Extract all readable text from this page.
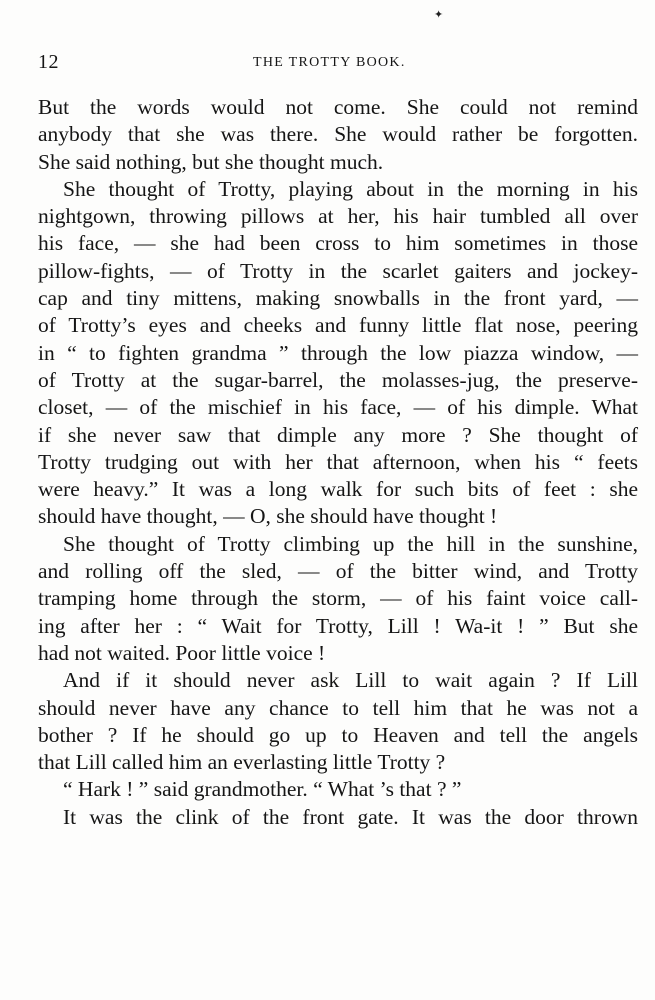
✦
12	THE TROTTY BOOK.
But the words would not come. She could not remind
anybody that she was there. She would rather be forgotten.
She said nothing, but she thought much.
She thought of Trotty, playing about in the morning in his
nightgown, throwing pillows at her, his hair tumbled all over
his face, — she had been cross to him sometimes in those
pillow-fights, — of Trotty in the scarlet gaiters and jockey-
cap and tiny mittens, making snowballs in the front yard, —
of Trotty’s eyes and cheeks and funny little flat nose, peering
in “ to fighten grandma ” through the low piazza window, —
of Trotty at the sugar-barrel, the molasses-jug, the preserve-
closet, — of the mischief in his face, — of his dimple. What
if she never saw that dimple any more ? She thought of
Trotty trudging out with her that afternoon, when his “ feets
were heavy.” It was a long walk for such bits of feet : she
should have thought, — O, she should have thought !
She thought of Trotty climbing up the hill in the sunshine,
and rolling off the sled, — of the bitter wind, and Trotty
tramping home through the storm, — of his faint voice call-
ing after her : “ Wait for Trotty, Lill ! Wa-it ! ” But she
had not waited. Poor little voice !
And if it should never ask Lill to wait again ? If Lill
should never have any chance to tell him that he was not a
bother ? If he should go up to Heaven and tell the angels
that Lill called him an everlasting little Trotty ?
“ Hark ! ” said grandmother. “ What ’s that ? ”
It was the clink of the front gate. It was the door thrown
